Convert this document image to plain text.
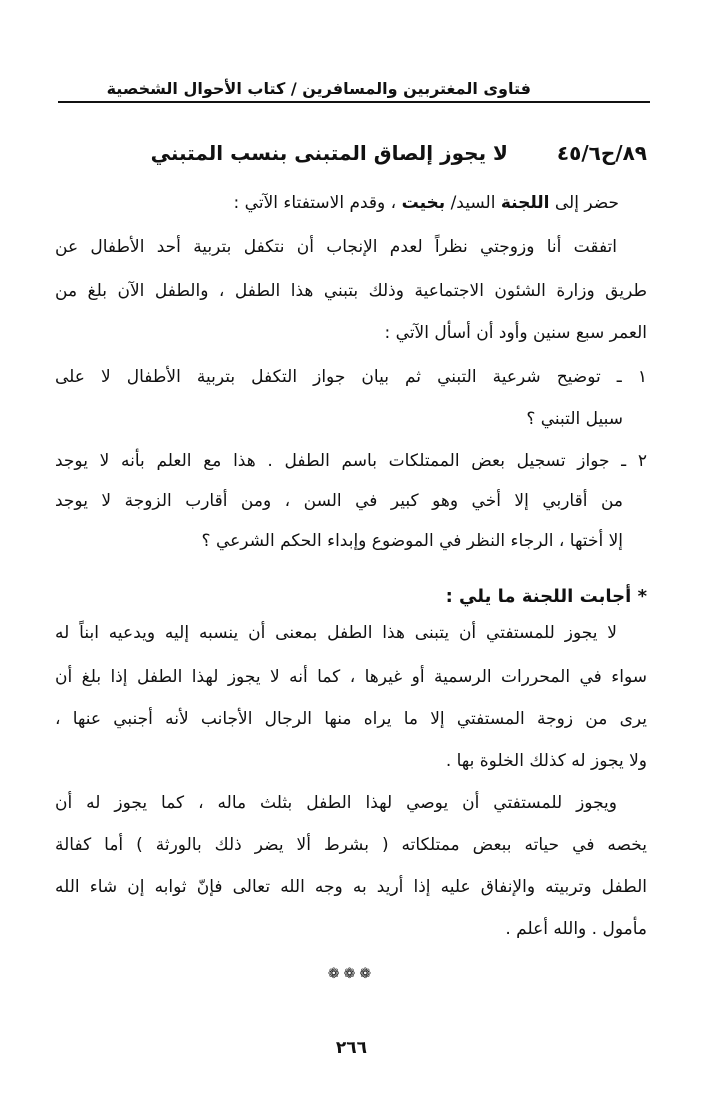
فتاوى المغتربين والمسافرين / كتاب الأحوال الشخصية
٨٩/ح٤٥/٦ لا يجوز إلصاق المتبنى بنسب المتبني
حضر إلى اللجنة السيد/ بخيت ، وقدم الاستفتاء الآتي :
اتفقت أنا وزوجتي نظراً لعدم الإنجاب أن نتكفل بتربية أحد الأطفال عن
طريق وزارة الشئون الاجتماعية وذلك بتبني هذا الطفل ، والطفل الآن بلغ من
العمر سبع سنين وأود أن أسأل الآتي :
١ ـ توضيح شرعية التبني ثم بيان جواز التكفل بتربية الأطفال لا على
سبيل التبني ؟
٢ ـ جواز تسجيل بعض الممتلكات باسم الطفل . هذا مع العلم بأنه لا يوجد
من أقاربي إلا أخي وهو كبير في السن ، ومن أقارب الزوجة لا يوجد
إلا أختها ، الرجاء النظر في الموضوع وإبداء الحكم الشرعي ؟
* أجابت اللجنة ما يلي :
لا يجوز للمستفتي أن يتبنى هذا الطفل بمعنى أن ينسبه إليه ويدعيه ابناً له
سواء في المحررات الرسمية أو غيرها ، كما أنه لا يجوز لهذا الطفل إذا بلغ أن
يرى من زوجة المستفتي إلا ما يراه منها الرجال الأجانب لأنه أجنبي عنها ،
ولا يجوز له كذلك الخلوة بها .
ويجوز للمستفتي أن يوصي لهذا الطفل بثلث ماله ، كما يجوز له أن
يخصه في حياته ببعض ممتلكاته ( بشرط ألا يضر ذلك بالورثة ) أما كفالة
الطفل وتربيته والإنفاق عليه إذا أريد به وجه الله تعالى فإنّ ثوابه إن شاء الله
مأمول . والله أعلم .
❁❁❁
٢٦٦
